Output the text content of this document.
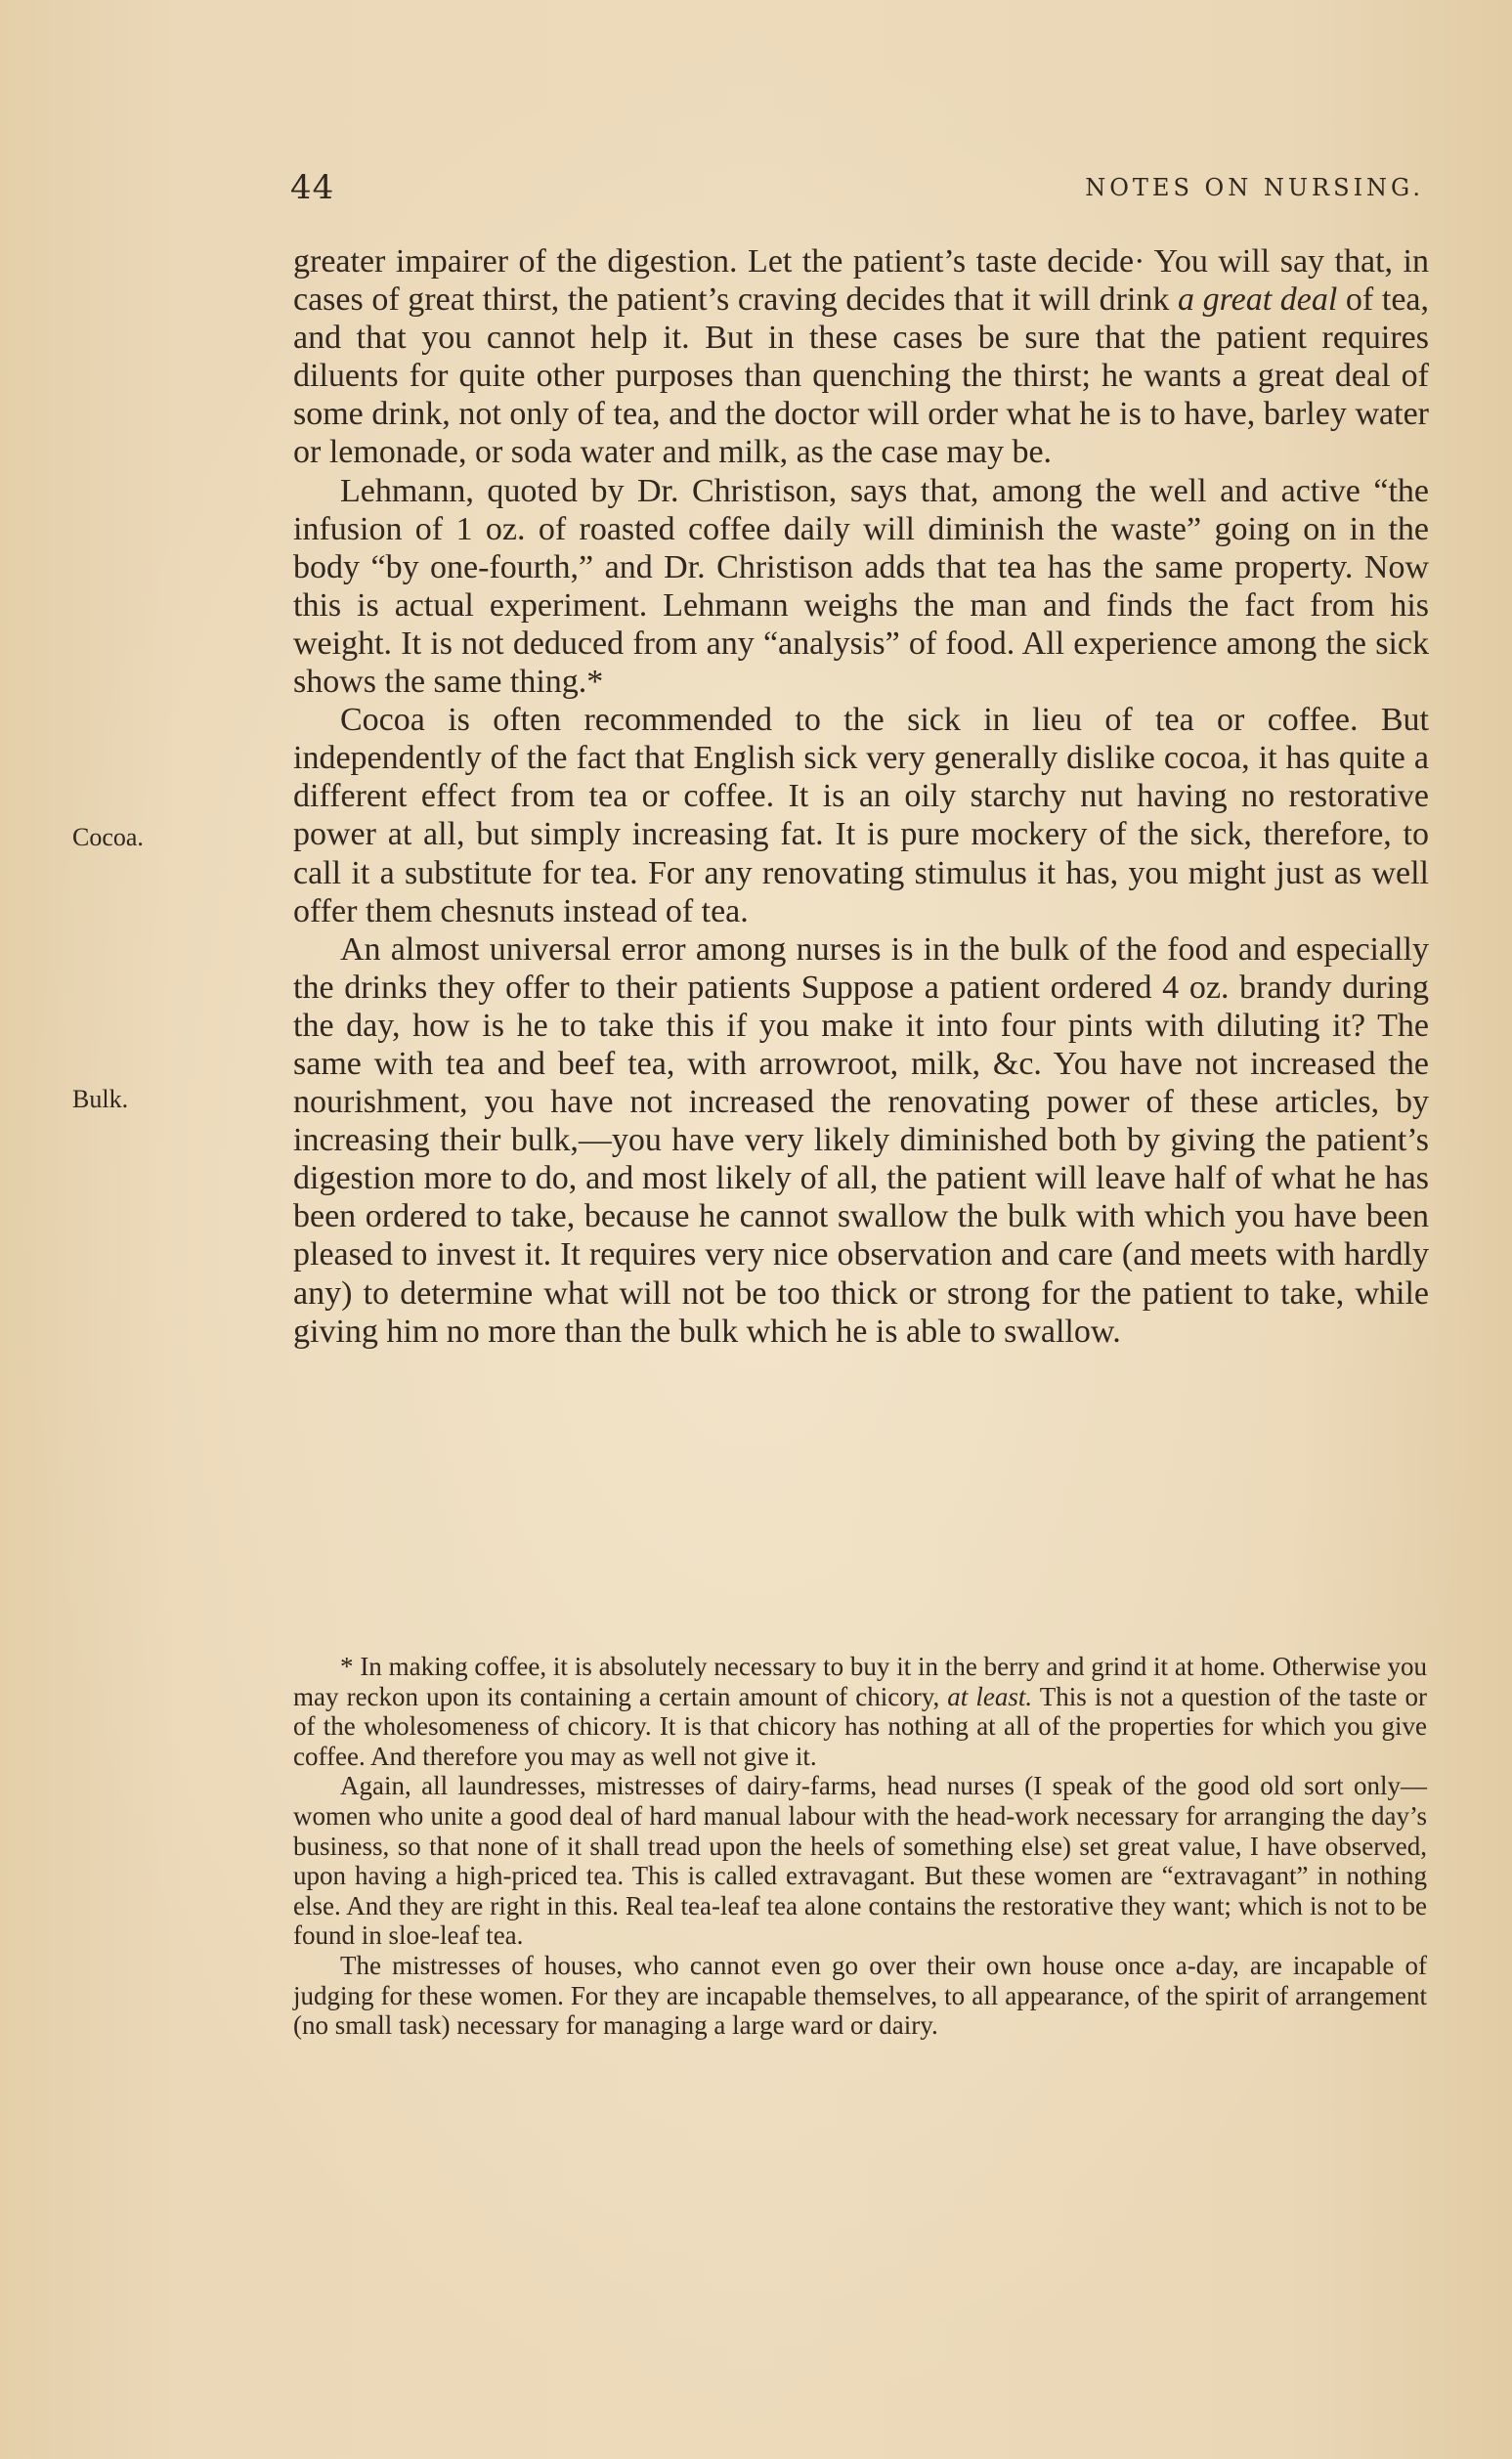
44	NOTES ON NURSING.
Cocoa.
Bulk.

greater impairer of the digestion. Let the patient’s taste decide· You will say that, in cases of great thirst, the patient’s craving decides that it will drink a great deal of tea, and that you cannot help it. But in these cases be sure that the patient requires diluents for quite other purposes than quenching the thirst; he wants a great deal of some drink, not only of tea, and the doctor will order what he is to have, barley water or lemonade, or soda water and milk, as the case may be.

Lehmann, quoted by Dr. Christison, says that, among the well and active “the infusion of 1 oz. of roasted coffee daily will diminish the waste” going on in the body “by one-fourth,” and Dr. Christison adds that tea has the same property. Now this is actual experiment. Lehmann weighs the man and finds the fact from his weight. It is not deduced from any “analysis” of food. All experience among the sick shows the same thing.*

Cocoa is often recommended to the sick in lieu of tea or coffee. But independently of the fact that English sick very generally dislike cocoa, it has quite a different effect from tea or coffee. It is an oily starchy nut having no restorative power at all, but simply increasing fat. It is pure mockery of the sick, therefore, to call it a substitute for tea. For any renovating stimulus it has, you might just as well offer them chesnuts instead of tea.

An almost universal error among nurses is in the bulk of the food and especially the drinks they offer to their patients Suppose a patient ordered 4 oz. brandy during the day, how is he to take this if you make it into four pints with diluting it? The same with tea and beef tea, with arrowroot, milk, &c. You have not increased the nourishment, you have not increased the renovating power of these articles, by increasing their bulk,—you have very likely diminished both by giving the patient’s digestion more to do, and most likely of all, the patient will leave half of what he has been ordered to take, because he cannot swallow the bulk with which you have been pleased to invest it. It requires very nice observation and care (and meets with hardly any) to determine what will not be too thick or strong for the patient to take, while giving him no more than the bulk which he is able to swallow.

* In making coffee, it is absolutely necessary to buy it in the berry and grind it at home. Otherwise you may reckon upon its containing a certain amount of chicory, at least. This is not a question of the taste or of the wholesomeness of chicory. It is that chicory has nothing at all of the properties for which you give coffee. And therefore you may as well not give it.

Again, all laundresses, mistresses of dairy-farms, head nurses (I speak of the good old sort only—women who unite a good deal of hard manual labour with the head-work necessary for arranging the day’s business, so that none of it shall tread upon the heels of something else) set great value, I have observed, upon having a high-priced tea. This is called extravagant. But these women are “extravagant” in nothing else. And they are right in this. Real tea-leaf tea alone contains the restorative they want; which is not to be found in sloe-leaf tea.

The mistresses of houses, who cannot even go over their own house once a-day, are incapable of judging for these women. For they are incapable themselves, to all appearance, of the spirit of arrangement (no small task) necessary for managing a large ward or dairy.
